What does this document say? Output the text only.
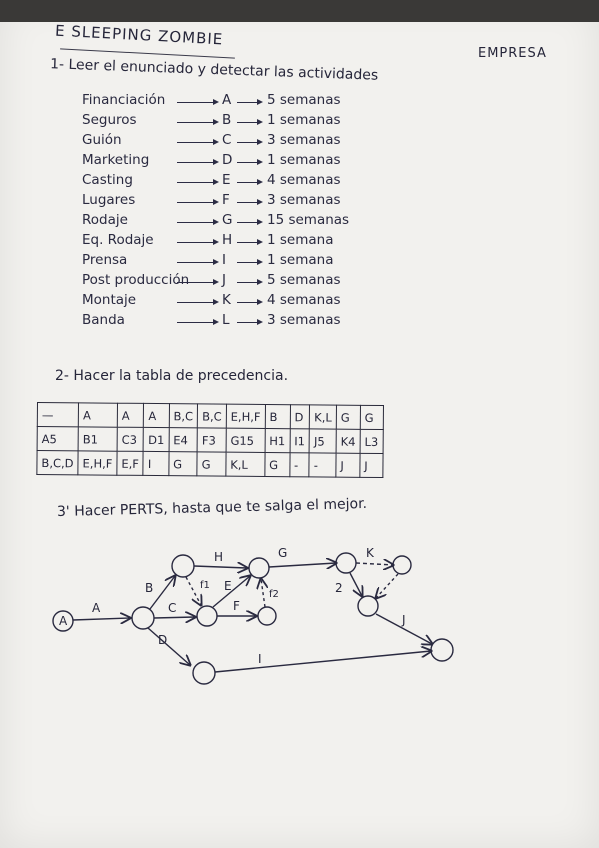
E SLEEPING ZOMBIE
EMPRESA
1- Leer el enunciado y detectar las actividades
Financiación	A	5 semanas
Seguros	B	1 semanas
Guión	C	3 semanas
Marketing	D	1 semanas
Casting	E	4 semanas
Lugares	F	3 semanas
Rodaje	G	15 semanas
Eq. Rodaje	H	1 semana
Prensa	I	1 semana
Post producción J	5 semanas
Montaje	K	4 semanas
Banda	L	3 semanas
2- Hacer la tabla de precedencia.
—	A	A	A	B,C	B,C	E,H,F	B	D	K,L	G	G
A5	B1	C3	D1	E4	F3	G15	H1	I1	J5	K4	L3
B,C,D	E,H,F	E,F	I	G	G	K,L	G	-	-	J	J
3' Hacer PERTS, hasta que te salga el mejor.
A
A
B
C
D
H
f1 E
F
f2
G	K
2
J
I
